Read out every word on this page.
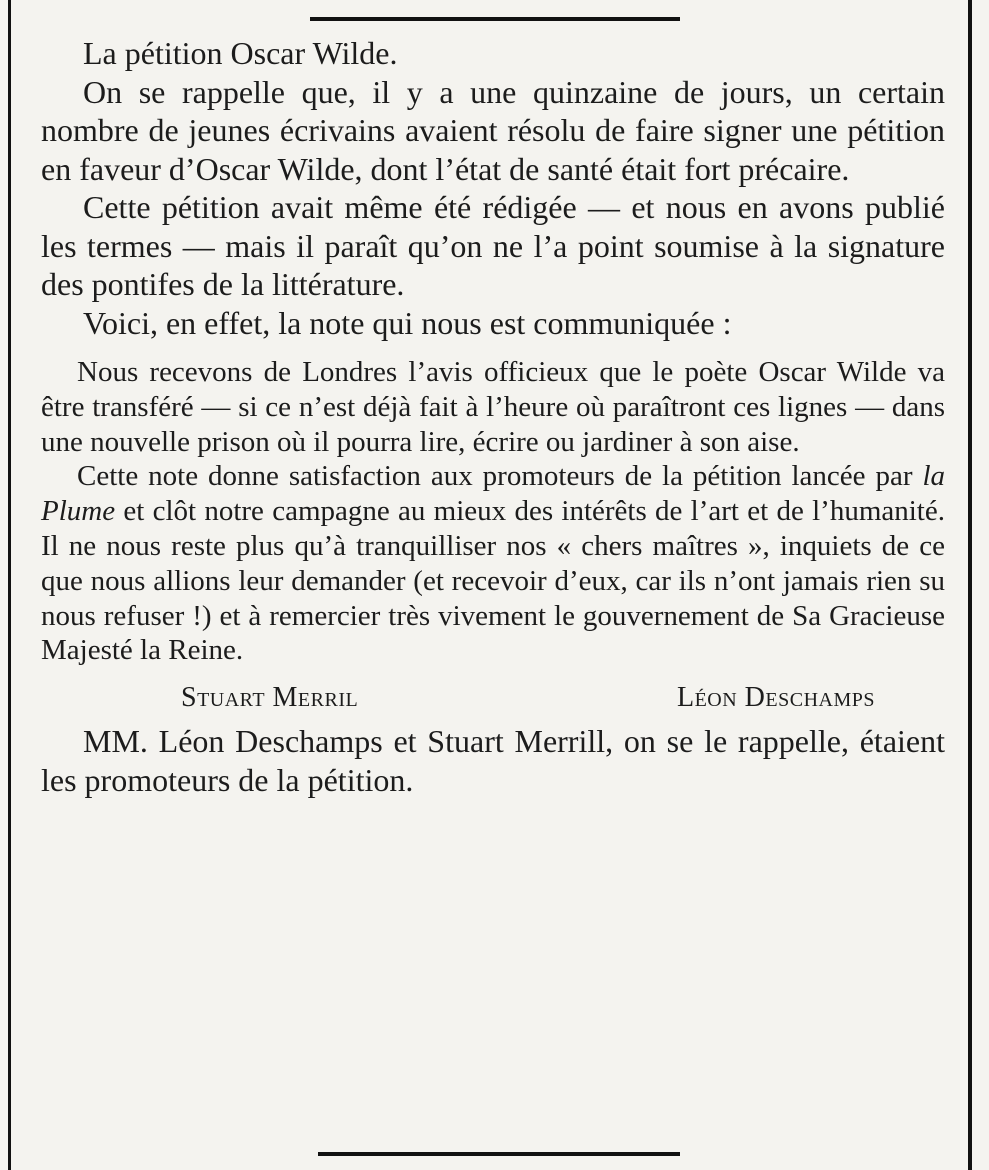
La pétition Oscar Wilde.

On se rappelle que, il y a une quinzaine de jours, un certain nombre de jeunes écrivains avaient résolu de faire signer une pétition en faveur d’Oscar Wilde, dont l’état de santé était fort précaire.

Cette pétition avait même été rédigée — et nous en avons publié les termes — mais il paraît qu’on ne l’a point soumise à la signature des pontifes de la littérature.

Voici, en effet, la note qui nous est communiquée :

Nous recevons de Londres l’avis officieux que le poète Oscar Wilde va être transféré — si ce n’est déjà fait à l’heure où paraîtront ces lignes — dans une nouvelle prison où il pourra lire, écrire ou jardiner à son aise.

Cette note donne satisfaction aux promoteurs de la pétition lancée par la Plume et clôt notre campagne au mieux des intérêts de l’art et de l’humanité. Il ne nous reste plus qu’à tranquilliser nos « chers maîtres », inquiets de ce que nous allions leur demander (et recevoir d’eux, car ils n’ont jamais rien su nous refuser !) et à remercier très vivement le gouvernement de Sa Gracieuse Majesté la Reine.

Stuart Merril	Léon Deschamps

MM. Léon Deschamps et Stuart Merrill, on se le rappelle, étaient les promoteurs de la pétition.
